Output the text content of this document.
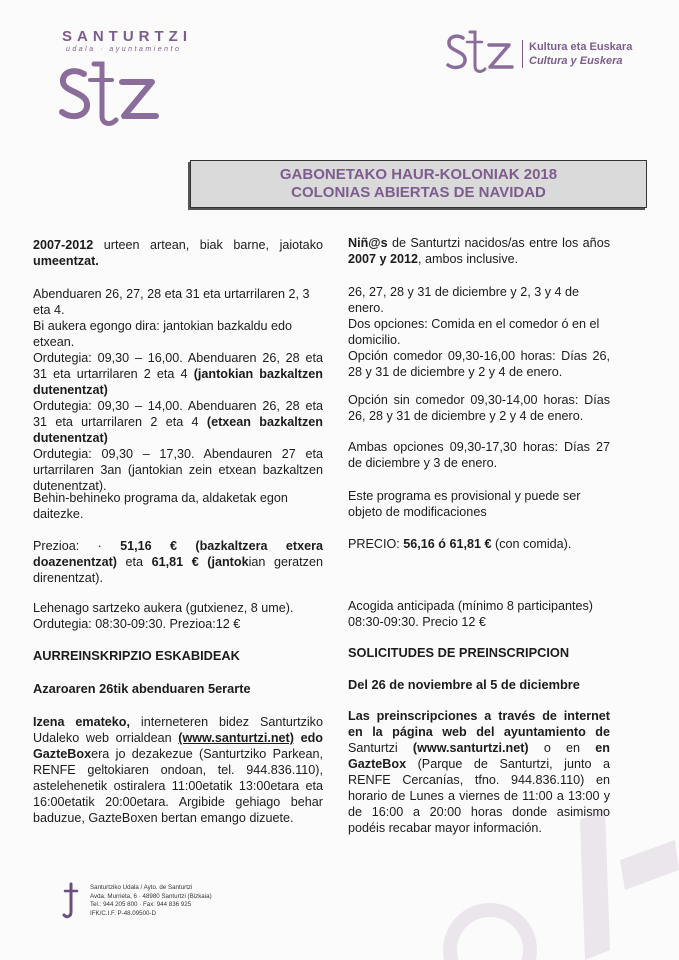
SANTURTZI
udala · ayuntamiento	Kultura eta Euskara
Cultura y Euskera
GABONETAKO HAUR-KOLONIAK 2018
COLONIAS ABIERTAS DE NAVIDAD
2007-2012 urteen artean, biak barne, jaiotako umeentzat.
Abenduaren 26, 27, 28 eta 31 eta urtarrilaren 2, 3 eta 4.
Bi aukera egongo dira: jantokian bazkaldu edo etxean.
Ordutegia: 09,30 – 16,00. Abenduaren 26, 28 eta 31 eta urtarrilaren 2 eta 4 (jantokian bazkaltzen dutenentzat)
Ordutegia: 09,30 – 14,00. Abenduaren 26, 28 eta 31 eta urtarrilaren 2 eta 4 (etxean bazkaltzen dutenentzat)
Ordutegia: 09,30 – 17,30. Abendauren 27 eta urtarrilaren 3an (jantokian zein etxean bazkaltzen dutenentzat).
Behin-behineko programa da, aldaketak egon daitezke.
Prezioa: · 51,16 € (bazkaltzera etxera doazenentzat) eta 61,81 € (jantokian geratzen direnentzat).
Lehenago sartzeko aukera (gutxienez, 8 ume).
Ordutegia: 08:30-09:30. Prezioa:12 €
AURREINSKRIPZIO ESKABIDEAK
Azaroaren 26tik abenduaren 5erarte
Izena emateko, interneteren bidez Santurtziko Udaleko web orrialdean (www.santurtzi.net) edo GazteBoxera jo dezakezue (Santurtziko Parkean, RENFE geltokiaren ondoan, tel. 944.836.110), astelehenetik ostiralera 11:00etatik 13:00etara eta 16:00etatik 20:00etara. Argibide gehiago behar baduzue, GazteBoxen bertan emango dizuete.
Niñ@s de Santurtzi nacidos/as entre los años 2007 y 2012, ambos inclusive.
26, 27, 28 y 31 de diciembre y 2, 3 y 4 de enero.
Dos opciones: Comida en el comedor ó en el domicilio.
Opción comedor 09,30-16,00 horas: Días 26, 28 y 31 de diciembre y 2 y 4 de enero.
Opción sin comedor 09,30-14,00 horas: Días 26, 28 y 31 de diciembre y 2 y 4 de enero.
Ambas opciones 09,30-17,30 horas: Días 27 de diciembre y 3 de enero.
Este programa es provisional y puede ser objeto de modificaciones
PRECIO: 56,16 ó 61,81 € (con comida).
Acogida anticipada (mínimo 8 participantes)
08:30-09:30. Precio 12 €
SOLICITUDES DE PREINSCRIPCION
Del 26 de noviembre al 5 de diciembre
Las preinscripciones a través de internet en la página web del ayuntamiento de Santurtzi (www.santurtzi.net) o en en GazteBox (Parque de Santurtzi, junto a RENFE Cercanías, tfno. 944.836.110) en horario de Lunes a viernes de 11:00 a 13:00 y de 16:00 a 20:00 horas donde asimismo podéis recabar mayor información.
Santurtziko Udala / Ayto. de Santurtzi
Avda. Murrieta, 6 · 48980 Santurtzi (Bizkaia)
Tel.: 944 205 800 · Fax: 944 836 925
IFK/C.I.F. P-48.09500-D
